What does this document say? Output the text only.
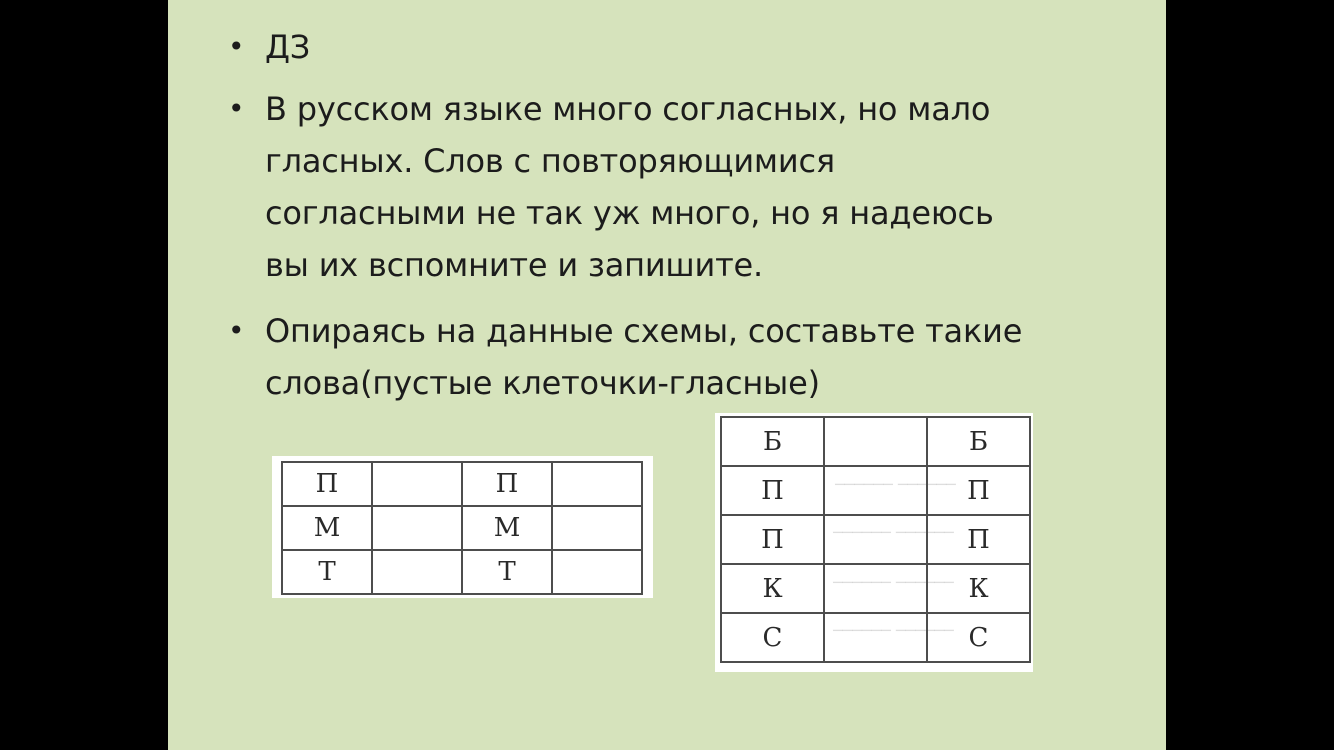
• ДЗ
• В русском языке много согласных, но мало
гласных. Слов с повторяющимися
согласными не так уж много, но я надеюсь
вы их вспомните и запишите.
• Опираясь на данные схемы, составьте такие
слова(пустые клеточки-гласные)
П		П	
М		М	
Т		Т	
────── ──────
────── ──────
────── ──────
────── ──────
Б		Б
П		П
П		П
К		К
С		С
